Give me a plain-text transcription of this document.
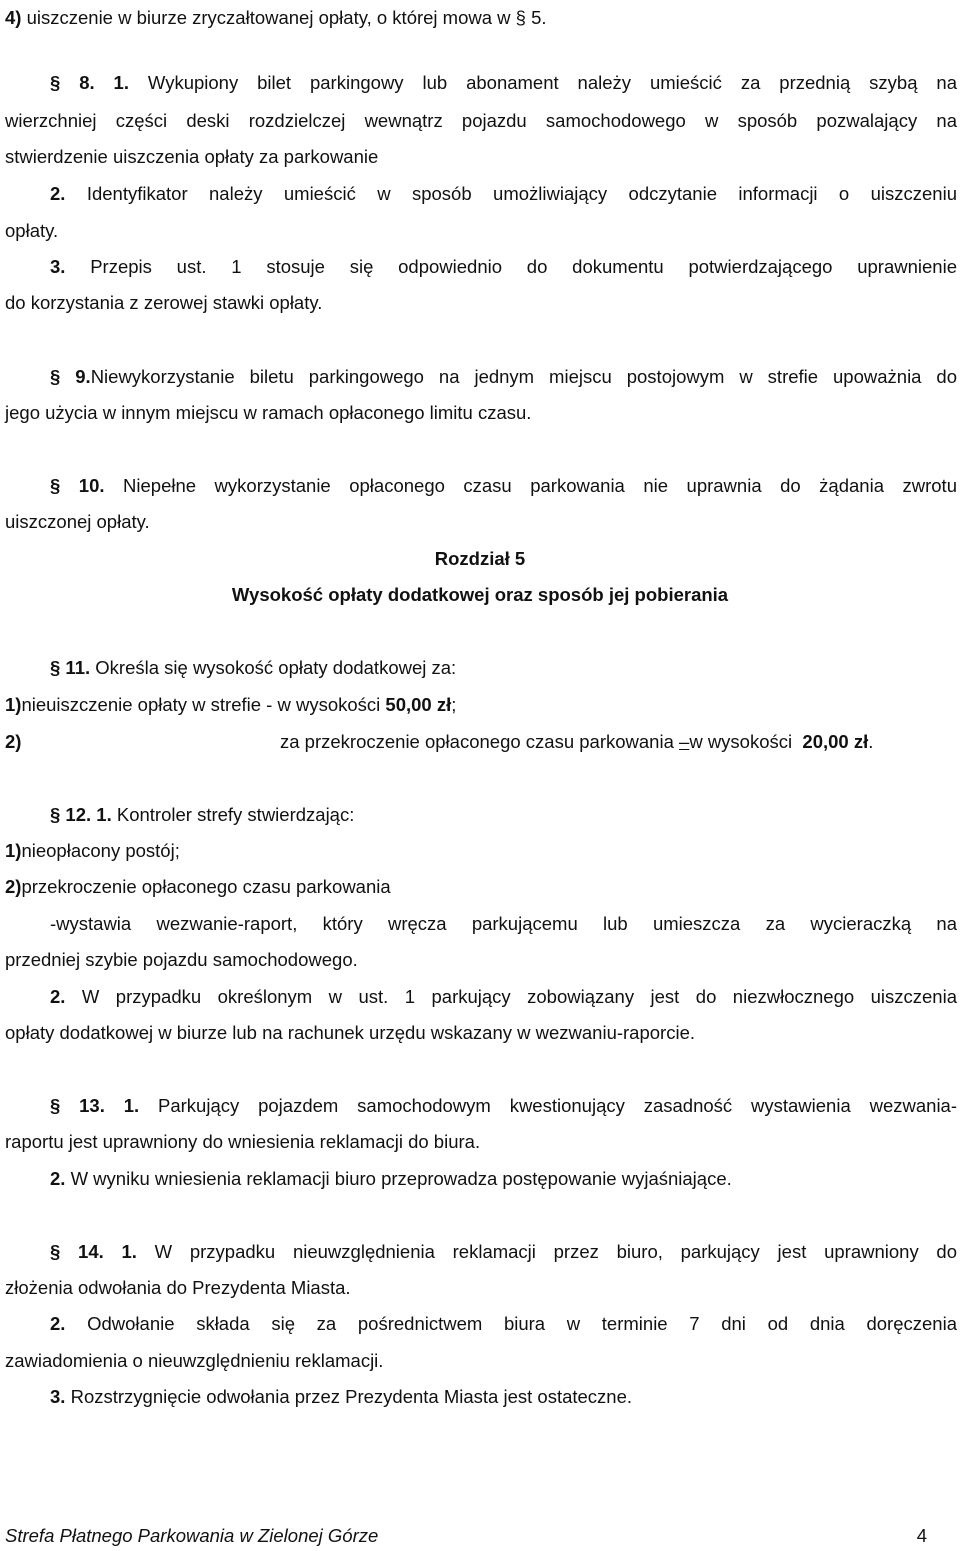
4) uiszczenie w biurze zryczałtowanej opłaty, o której mowa w § 5.
§ 8. 1. Wykupiony bilet parkingowy lub abonament należy umieścić za przednią szybą na
wierzchniej części deski rozdzielczej wewnątrz pojazdu samochodowego w sposób pozwalający na
stwierdzenie uiszczenia opłaty za parkowanie
2. Identyfikator należy umieścić w sposób umożliwiający odczytanie informacji o uiszczeniu
opłaty.
3. Przepis ust. 1 stosuje się odpowiednio do dokumentu potwierdzającego uprawnienie
do korzystania z zerowej stawki opłaty.
§ 9.Niewykorzystanie biletu parkingowego na jednym miejscu postojowym w strefie upoważnia do
jego użycia w innym miejscu w ramach opłaconego limitu czasu.
§ 10. Niepełne wykorzystanie opłaconego czasu parkowania nie uprawnia do żądania zwrotu
uiszczonej opłaty.
Rozdział 5
Wysokość opłaty dodatkowej oraz sposób jej pobierania
§ 11. Określa się wysokość opłaty dodatkowej za:
1)nieuiszczenie opłaty w strefie - w wysokości 50,00 zł;
2)	za przekroczenie opłaconego czasu parkowania –w wysokości  20,00 zł.
§ 12. 1. Kontroler strefy stwierdzając:
1)nieopłacony postój;
2)przekroczenie opłaconego czasu parkowania
-wystawia wezwanie-raport, który wręcza parkującemu lub umieszcza za wycieraczką na
przedniej szybie pojazdu samochodowego.
2. W przypadku określonym w ust. 1 parkujący zobowiązany jest do niezwłocznego uiszczenia
opłaty dodatkowej w biurze lub na rachunek urzędu wskazany w wezwaniu-raporcie.
§ 13. 1. Parkujący pojazdem samochodowym kwestionujący zasadność wystawienia wezwania-
raportu jest uprawniony do wniesienia reklamacji do biura.
2. W wyniku wniesienia reklamacji biuro przeprowadza postępowanie wyjaśniające.
§ 14. 1. W przypadku nieuwzględnienia reklamacji przez biuro, parkujący jest uprawniony do
złożenia odwołania do Prezydenta Miasta.
2. Odwołanie składa się za pośrednictwem biura w terminie 7 dni od dnia doręczenia
zawiadomienia o nieuwzględnieniu reklamacji.
3. Rozstrzygnięcie odwołania przez Prezydenta Miasta jest ostateczne.
Strefa Płatnego Parkowania w Zielonej Górze	4
